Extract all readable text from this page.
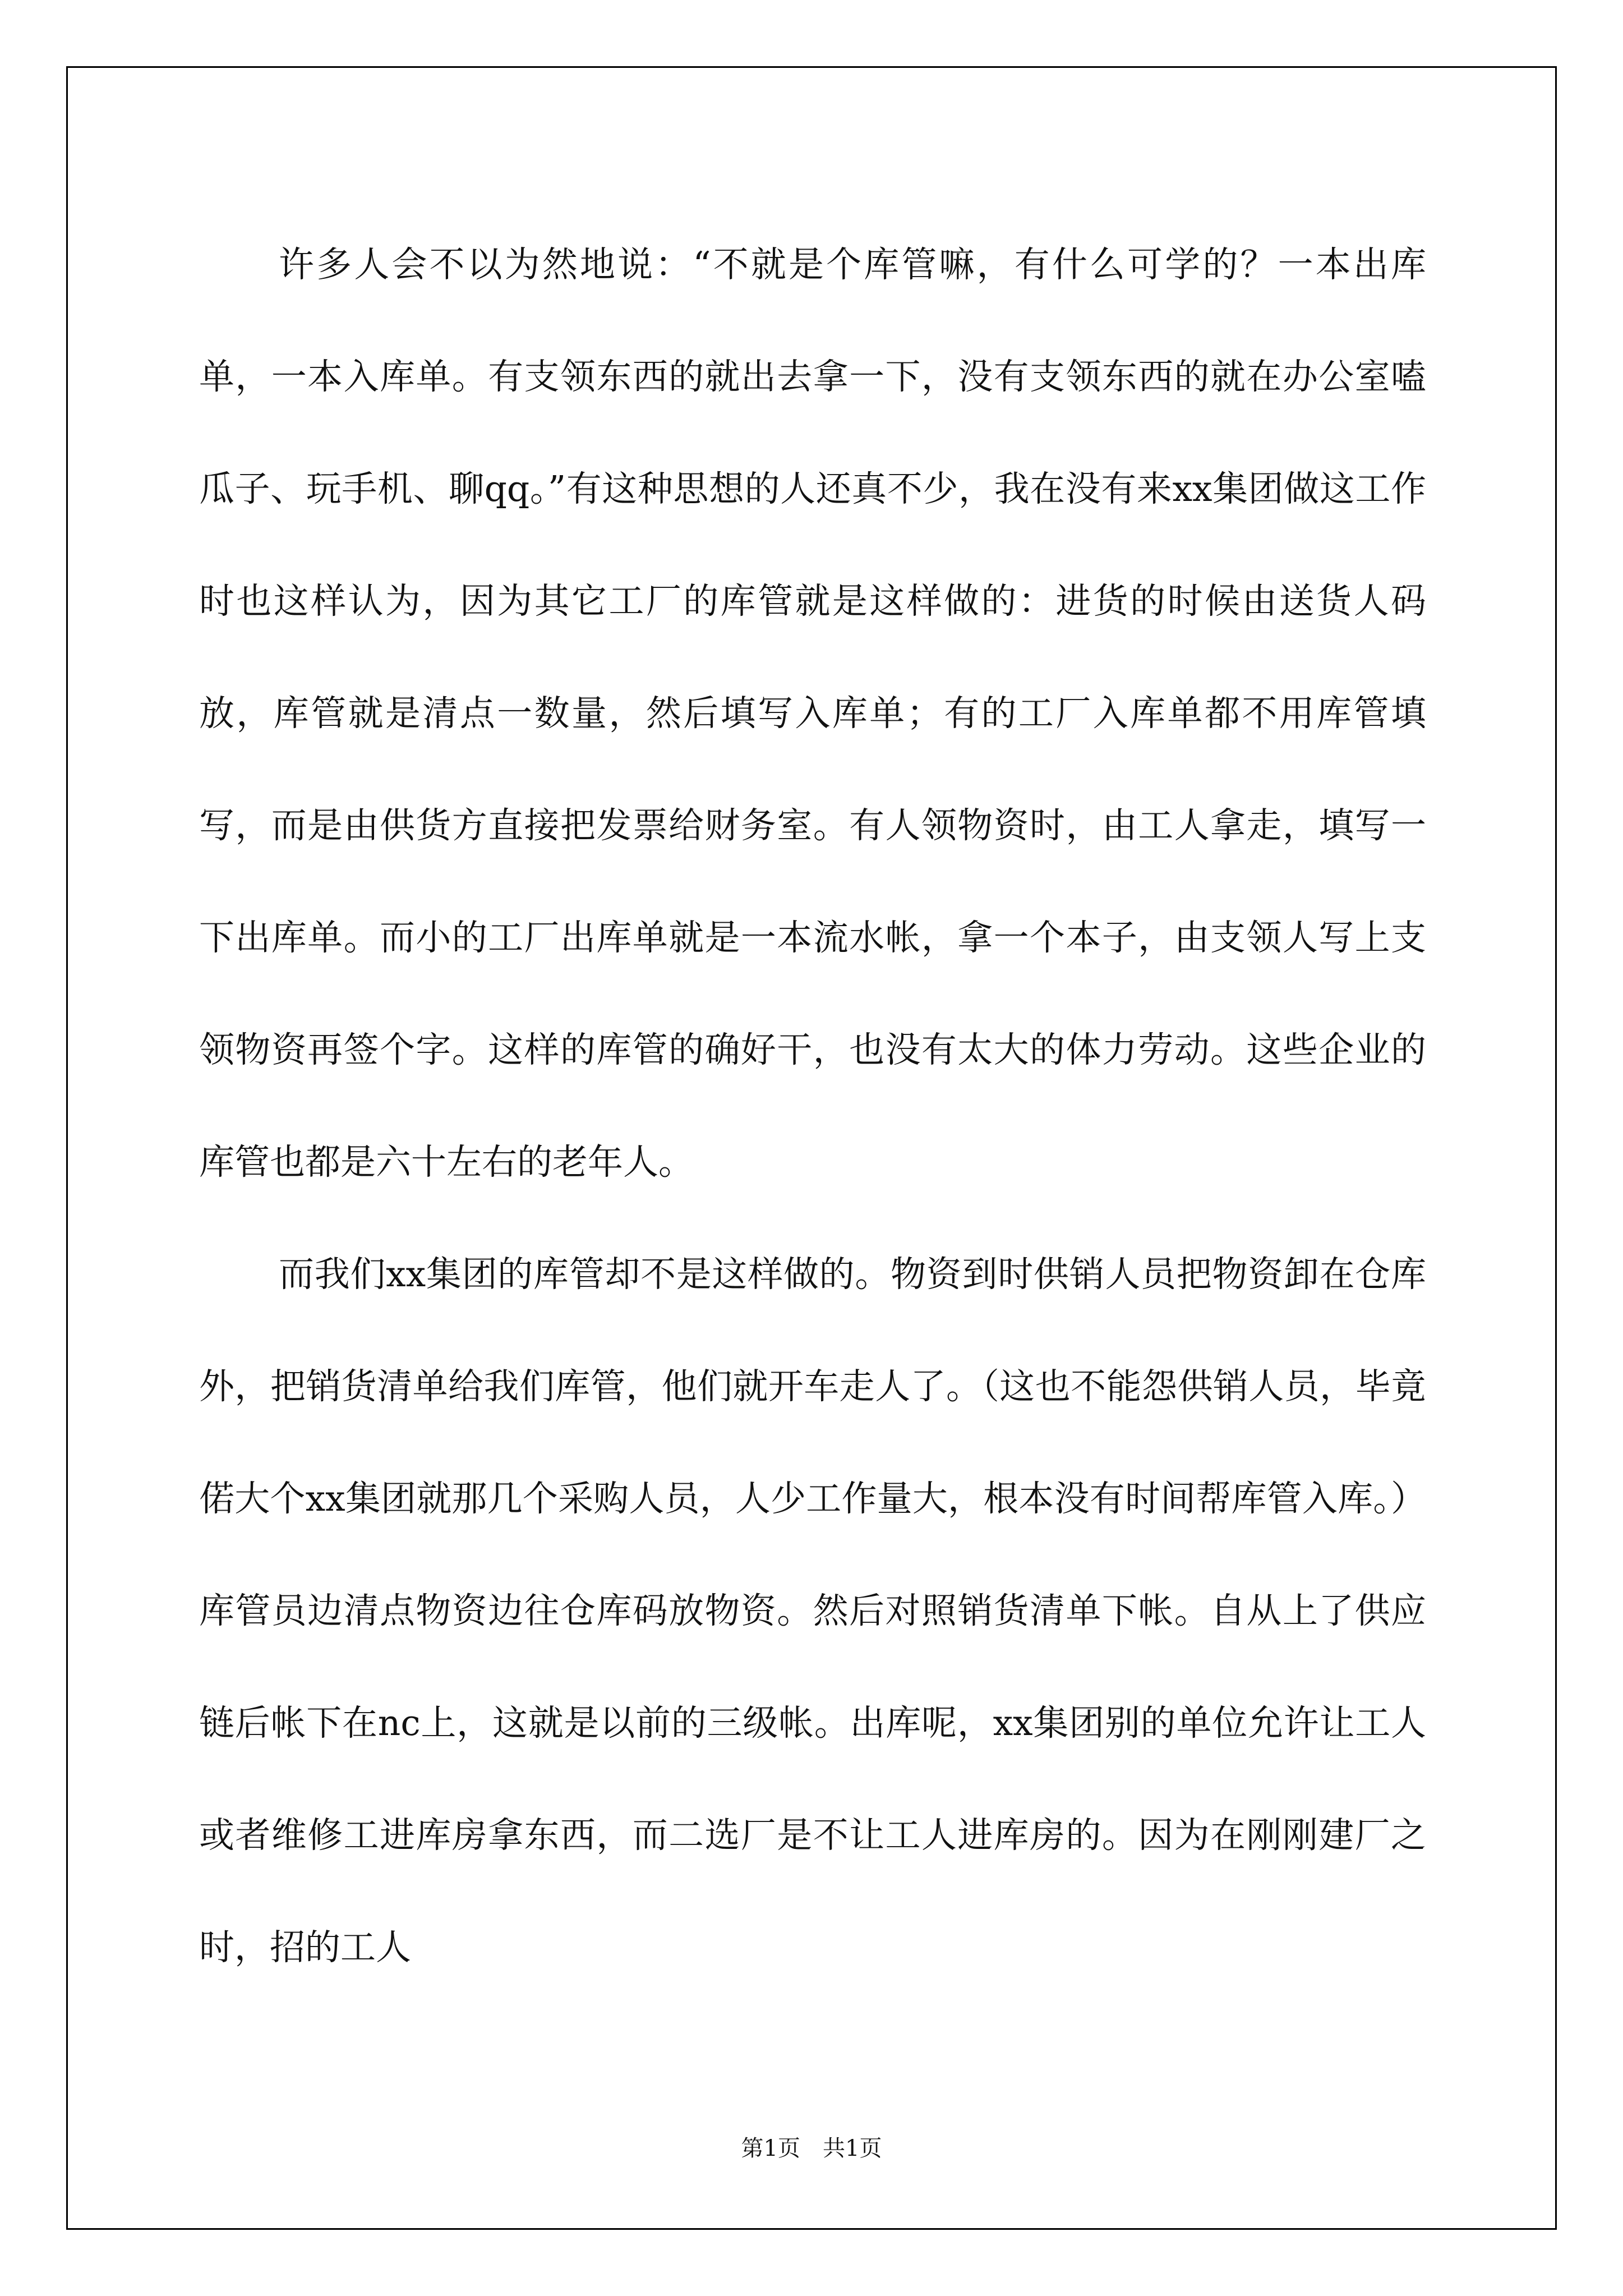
许多人会不以为然地说：“不就是个库管嘛，有什么可学的？一本出库单，一本入库单。有支领东西的就出去拿一下，没有支领东西的就在办公室嗑瓜子、玩手机、聊qq。”有这种思想的人还真不少，我在没有来xx集团做这工作时也这样认为，因为其它工厂的库管就是这样做的：进货的时候由送货人码放，库管就是清点一数量，然后填写入库单；有的工厂入库单都不用库管填写，而是由供货方直接把发票给财务室。有人领物资时，由工人拿走，填写一下出库单。而小的工厂出库单就是一本流水帐，拿一个本子，由支领人写上支领物资再签个字。这样的库管的确好干，也没有太大的体力劳动。这些企业的库管也都是六十左右的老年人。

而我们xx集团的库管却不是这样做的。物资到时供销人员把物资卸在仓库外，把销货清单给我们库管，他们就开车走人了。（这也不能怨供销人员，毕竟偌大个xx集团就那几个采购人员，人少工作量大，根本没有时间帮库管入库。）库管员边清点物资边往仓库码放物资。然后对照销货清单下帐。自从上了供应链后帐下在nc上，这就是以前的三级帐。出库呢，xx集团别的单位允许让工人或者维修工进库房拿东西，而二选厂是不让工人进库房的。因为在刚刚建厂之时，招的工人

第1页　共1页
